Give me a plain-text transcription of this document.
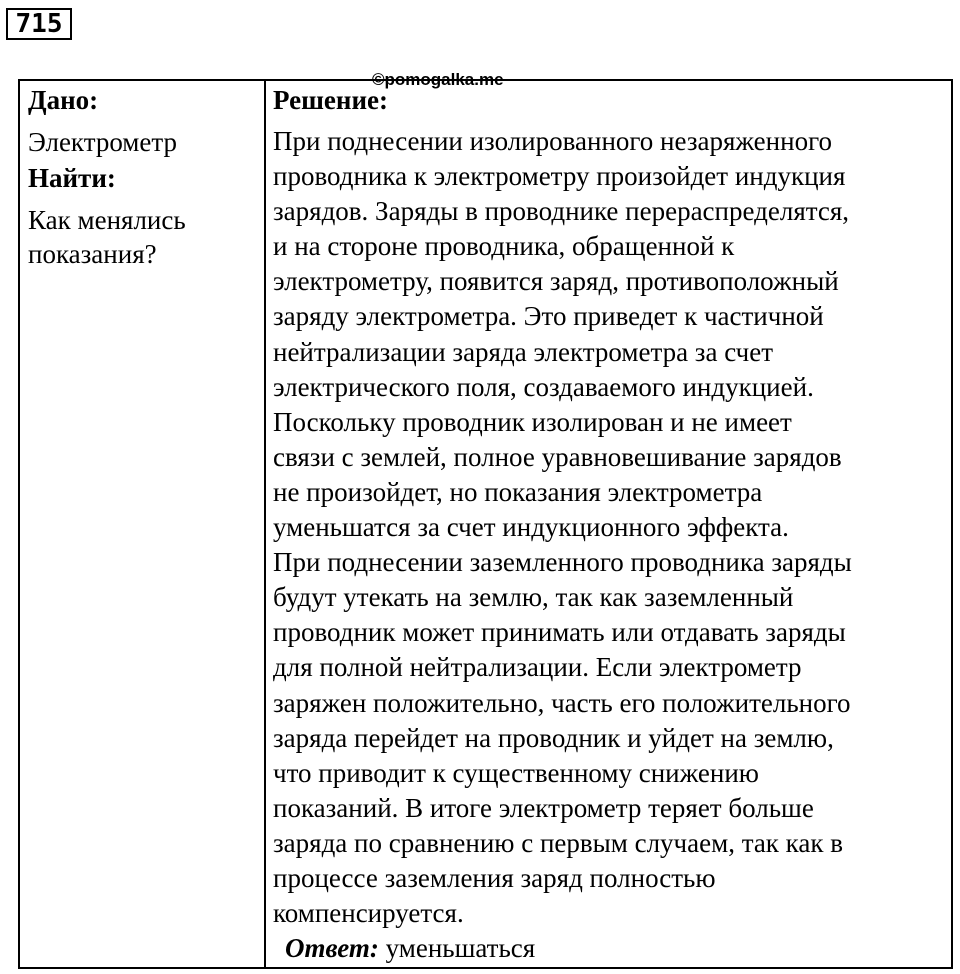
715
©pomogalka.me
Дано:
Электрометр
Найти:
Как менялись показания?
Решение:
При поднесении изолированного незаряженного
проводника к электрометру произойдет индукция
зарядов. Заряды в проводнике перераспределятся,
и на стороне проводника, обращенной к
электрометру, появится заряд, противоположный
заряду электрометра. Это приведет к частичной
нейтрализации заряда электрометра за счет
электрического поля, создаваемого индукцией.
Поскольку проводник изолирован и не имеет
связи с землей, полное уравновешивание зарядов
не произойдет, но показания электрометра
уменьшатся за счет индукционного эффекта.
При поднесении заземленного проводника заряды
будут утекать на землю, так как заземленный
проводник может принимать или отдавать заряды
для полной нейтрализации. Если электрометр
заряжен положительно, часть его положительного
заряда перейдет на проводник и уйдет на землю,
что приводит к существенному снижению
показаний. В итоге электрометр теряет больше
заряда по сравнению с первым случаем, так как в
процессе заземления заряд полностью
компенсируется.
Ответ: уменьшаться
